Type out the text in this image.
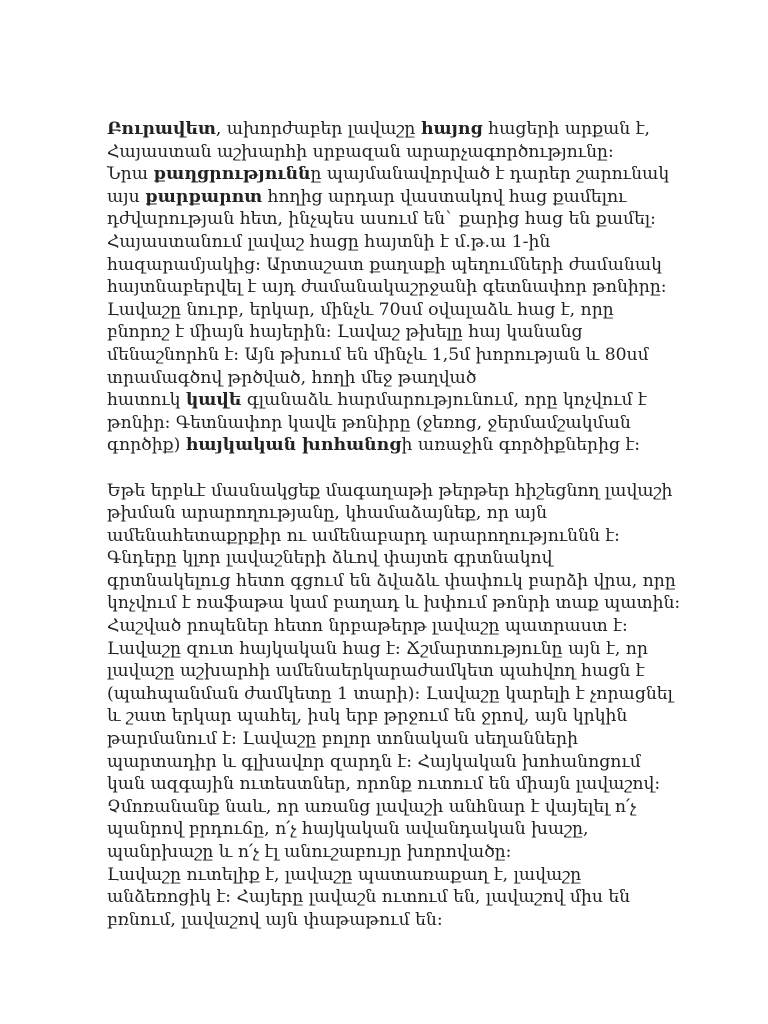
Բուրավետ, ախորժաբեր լավաշը հայոց հացերի արքան է,
Հայաստան աշխարհի սրբազան արարչագործությունը:
Նրա քաղցրություննը պայմանավորված է դարեր շարունակ
այս քարքարոտ հողից արդար վաստակով հաց քամելու
դժվարության հետ, ինչպես ասում են` քարից հաց են քամել:
Հայաստանում լավաշ հացը հայտնի է մ.թ.ա 1-ին
հազարամյակից: Արտաշատ քաղաքի պեղումների ժամանակ
հայտնաբերվել է այդ ժամանակաշրջանի գետնափոր թոնիրը:
Լավաշը նուրբ, երկար, մինչև 70սմ օվալաձև հաց է, որը
բնորոշ է միայն հայերին: Լավաշ թխելը հայ կանանց
մենաշնորհն է: Այն թխում են մինչև 1,5մ խորության և 80սմ
տրամագծով թրծված, հողի մեջ թաղված
հատուկ կավե գլանաձև հարմարությունում, որը կոչվում է
թոնիր: Գետնափոր կավե թոնիրը (ջեռոց, ջերմամշակման
գործիք) հայկական խոհանոցի առաջին գործիքներից է:

Եթե երբևէ մասնակցեք մագաղաթի թերթեր հիշեցնող լավաշի
թխման արարողությանը, կհամաձայնեք, որ այն
ամենահետաքրքիր ու ամենաբարդ արարողություննն է:
Գնդերը կլոր լավաշների ձևով փայտե գրտնակով
գրտնակելուց հետո գցում են ձվաձև փափուկ բարձի վրա, որը
կոչվում է ռաֆաթա կամ բաղադ և խփում թոնրի տաք պատին:
Հաշված րոպեներ հետո նրբաթերթ լավաշը պատրաստ է:
Լավաշը զուտ հայկական հաց է: Ճշմարտությունը այն է, որ
լավաշը աշխարհի ամենաերկարաժամկետ պահվող հացն է
(պահպանման ժամկետը 1 տարի): Լավաշը կարելի է չորացնել
և շատ երկար պահել, իսկ երբ թրջում են ջրով, այն կրկին
թարմանում է: Լավաշը բոլոր տոնական սեղանների
պարտադիր և գլխավոր զարդն է: Հայկական խոհանոցում
կան ազգային ուտեստներ, որոնք ուտում են միայն լավաշով:
Չմոռանանք նաև, որ առանց լավաշի անհնար է վայելել ո՛չ
պանրով բրդուճը, ո՛չ հայկական ավանդական խաշը,
պանրխաշը և ո՛չ էլ անուշաբույր խորովածը:
Լավաշը ուտելիք է, լավաշը պատառաքաղ է, լավաշը
անձեռոցիկ է: Հայերը լավաշն ուտում են, լավաշով միս են
բռնում, լավաշով այն փաթաթում են:
